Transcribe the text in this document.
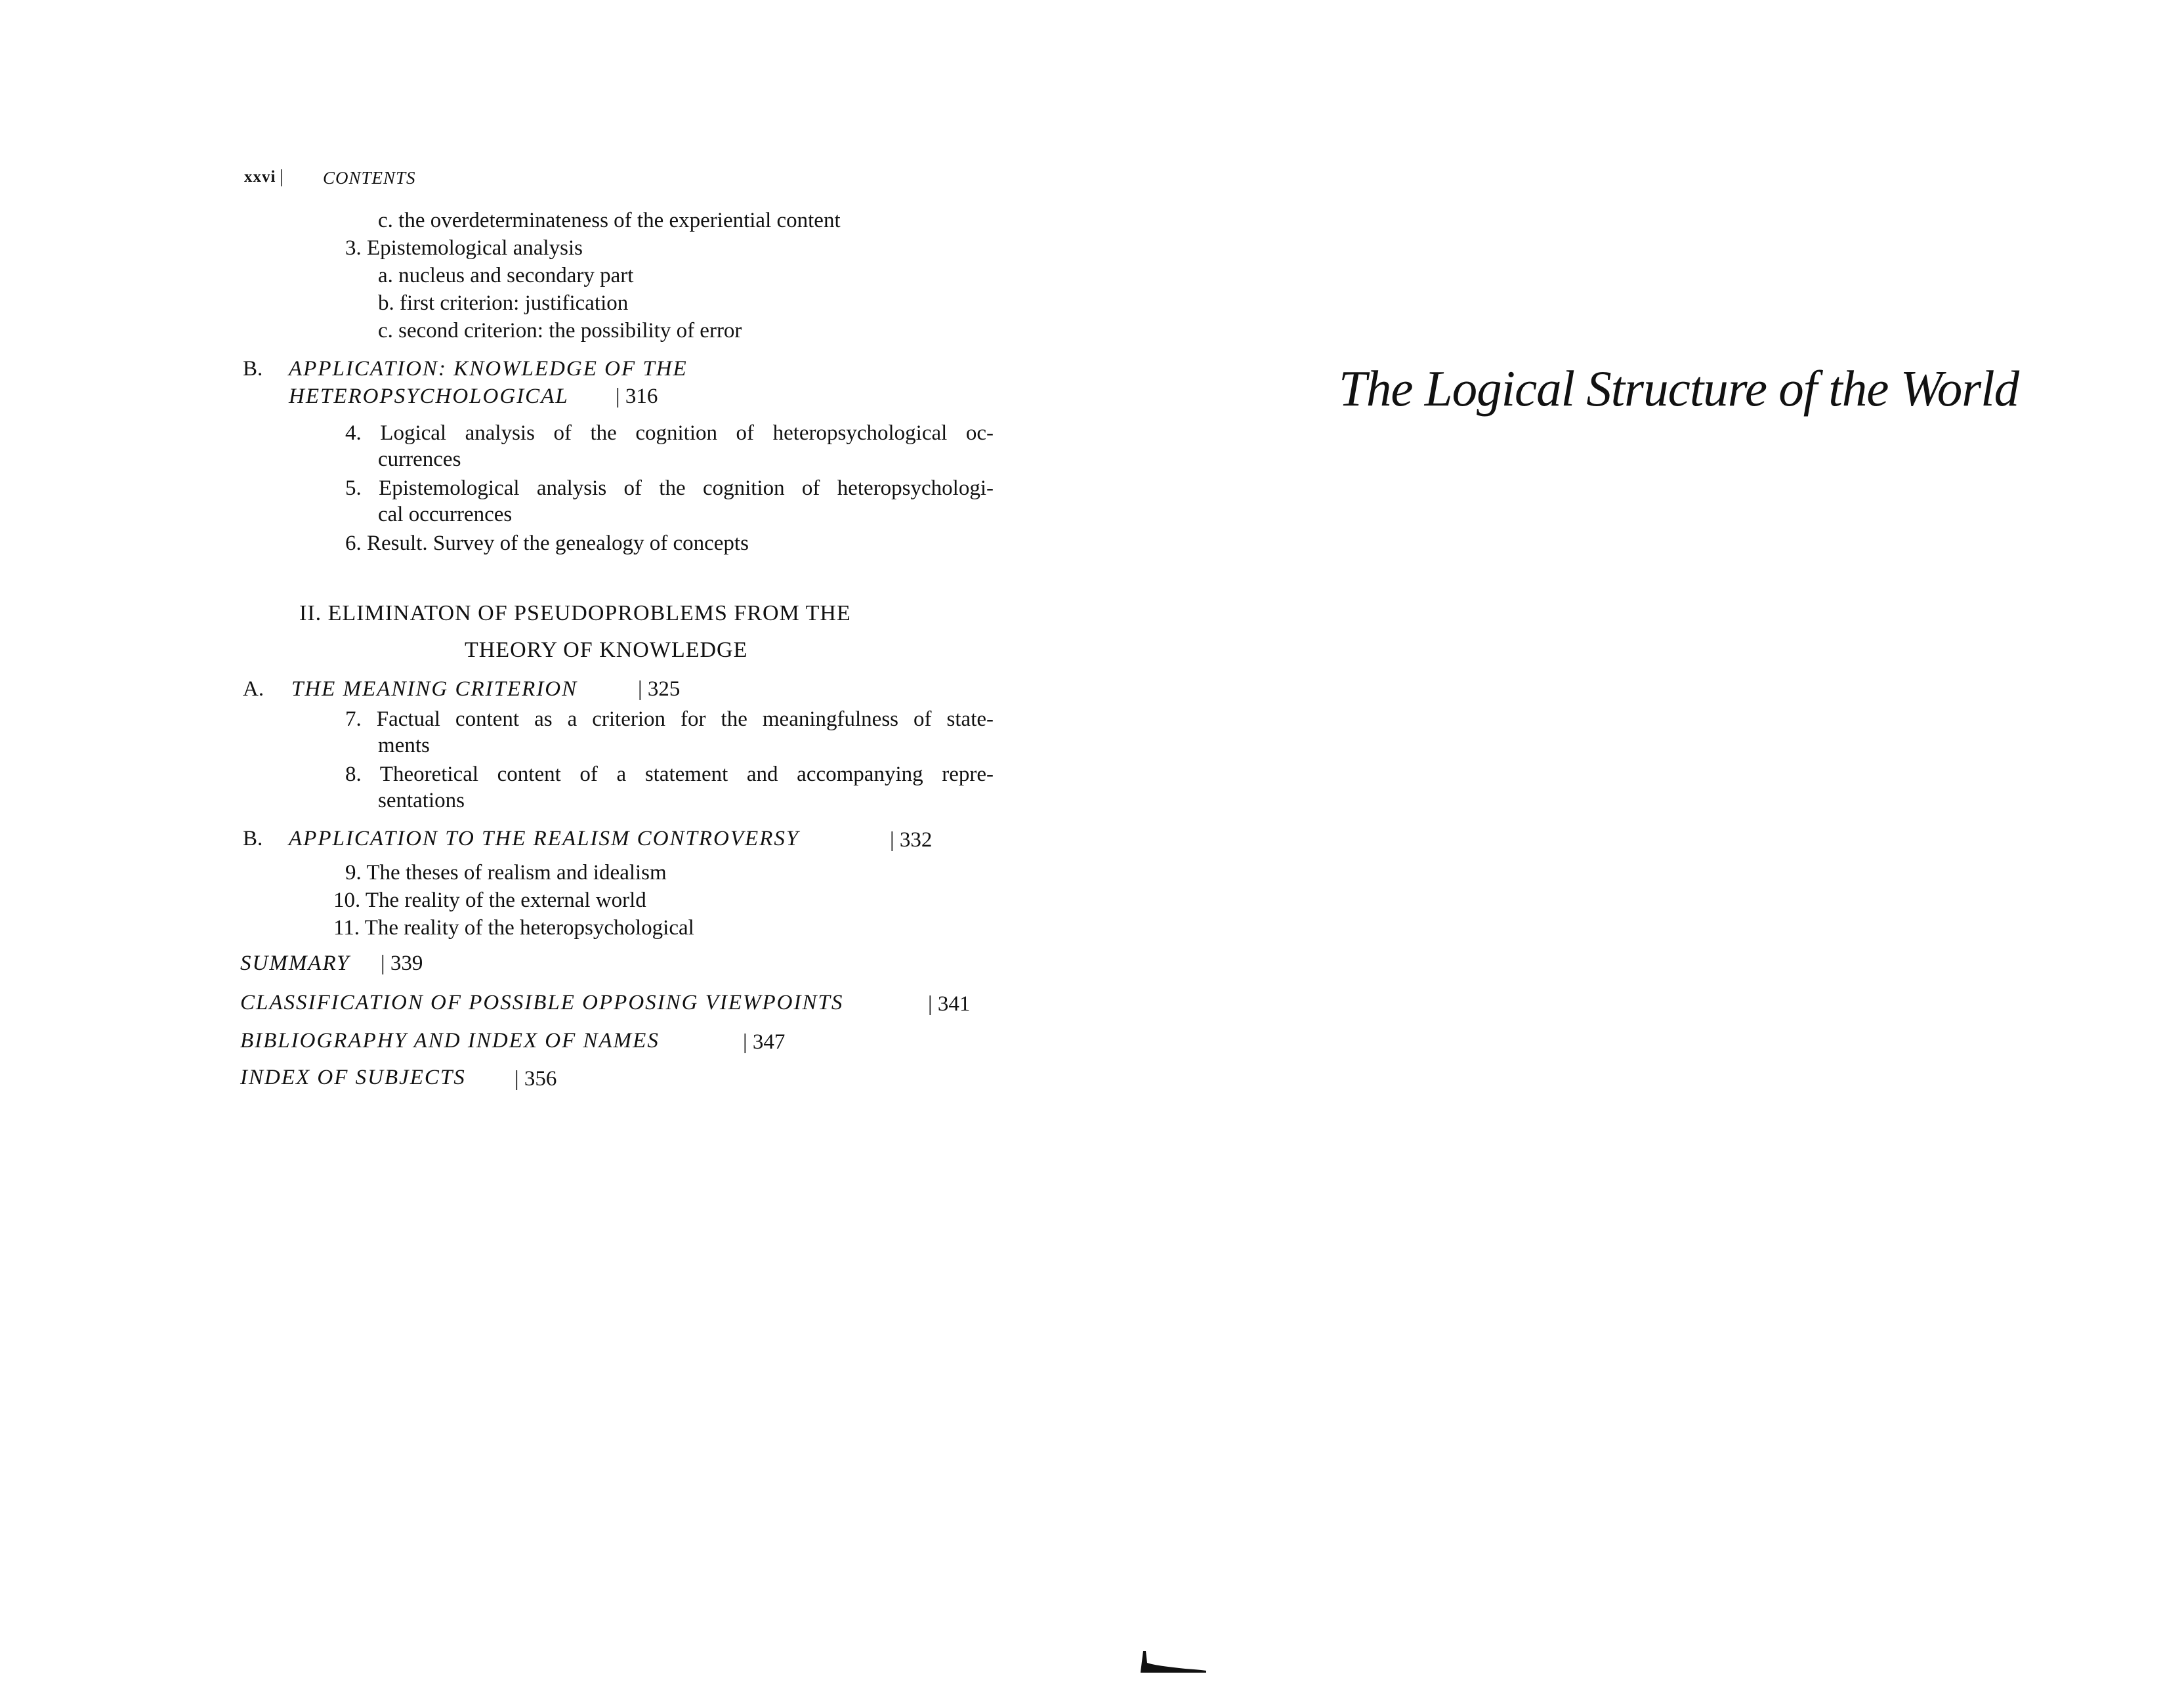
xxvi | CONTENTS
c. the overdeterminateness of the experiential content
3. Epistemological analysis
a. nucleus and secondary part
b. first criterion: justification
c. second criterion: the possibility of error
B. APPLICATION: KNOWLEDGE OF THE
HETEROPSYCHOLOGICAL | 316
4. Logical analysis of the cognition of heteropsychological oc-
currences
5. Epistemological analysis of the cognition of heteropsychologi-
cal occurrences
6. Result. Survey of the genealogy of concepts
II. ELIMINATON OF PSEUDOPROBLEMS FROM THE
THEORY OF KNOWLEDGE
A. THE MEANING CRITERION	| 325
7. Factual content as a criterion for the meaningfulness of state-
ments
8. Theoretical content of a statement and accompanying repre-
sentations
B. APPLICATION TO THE REALISM CONTROVERSY	| 332
9. The theses of realism and idealism
10. The reality of the external world
11. The reality of the heteropsychological
SUMMARY | 339
CLASSIFICATION OF POSSIBLE OPPOSING VIEWPOINTS	| 341
BIBLIOGRAPHY AND INDEX OF NAMES	| 347
INDEX OF SUBJECTS | 356
The Logical Structure of the World
